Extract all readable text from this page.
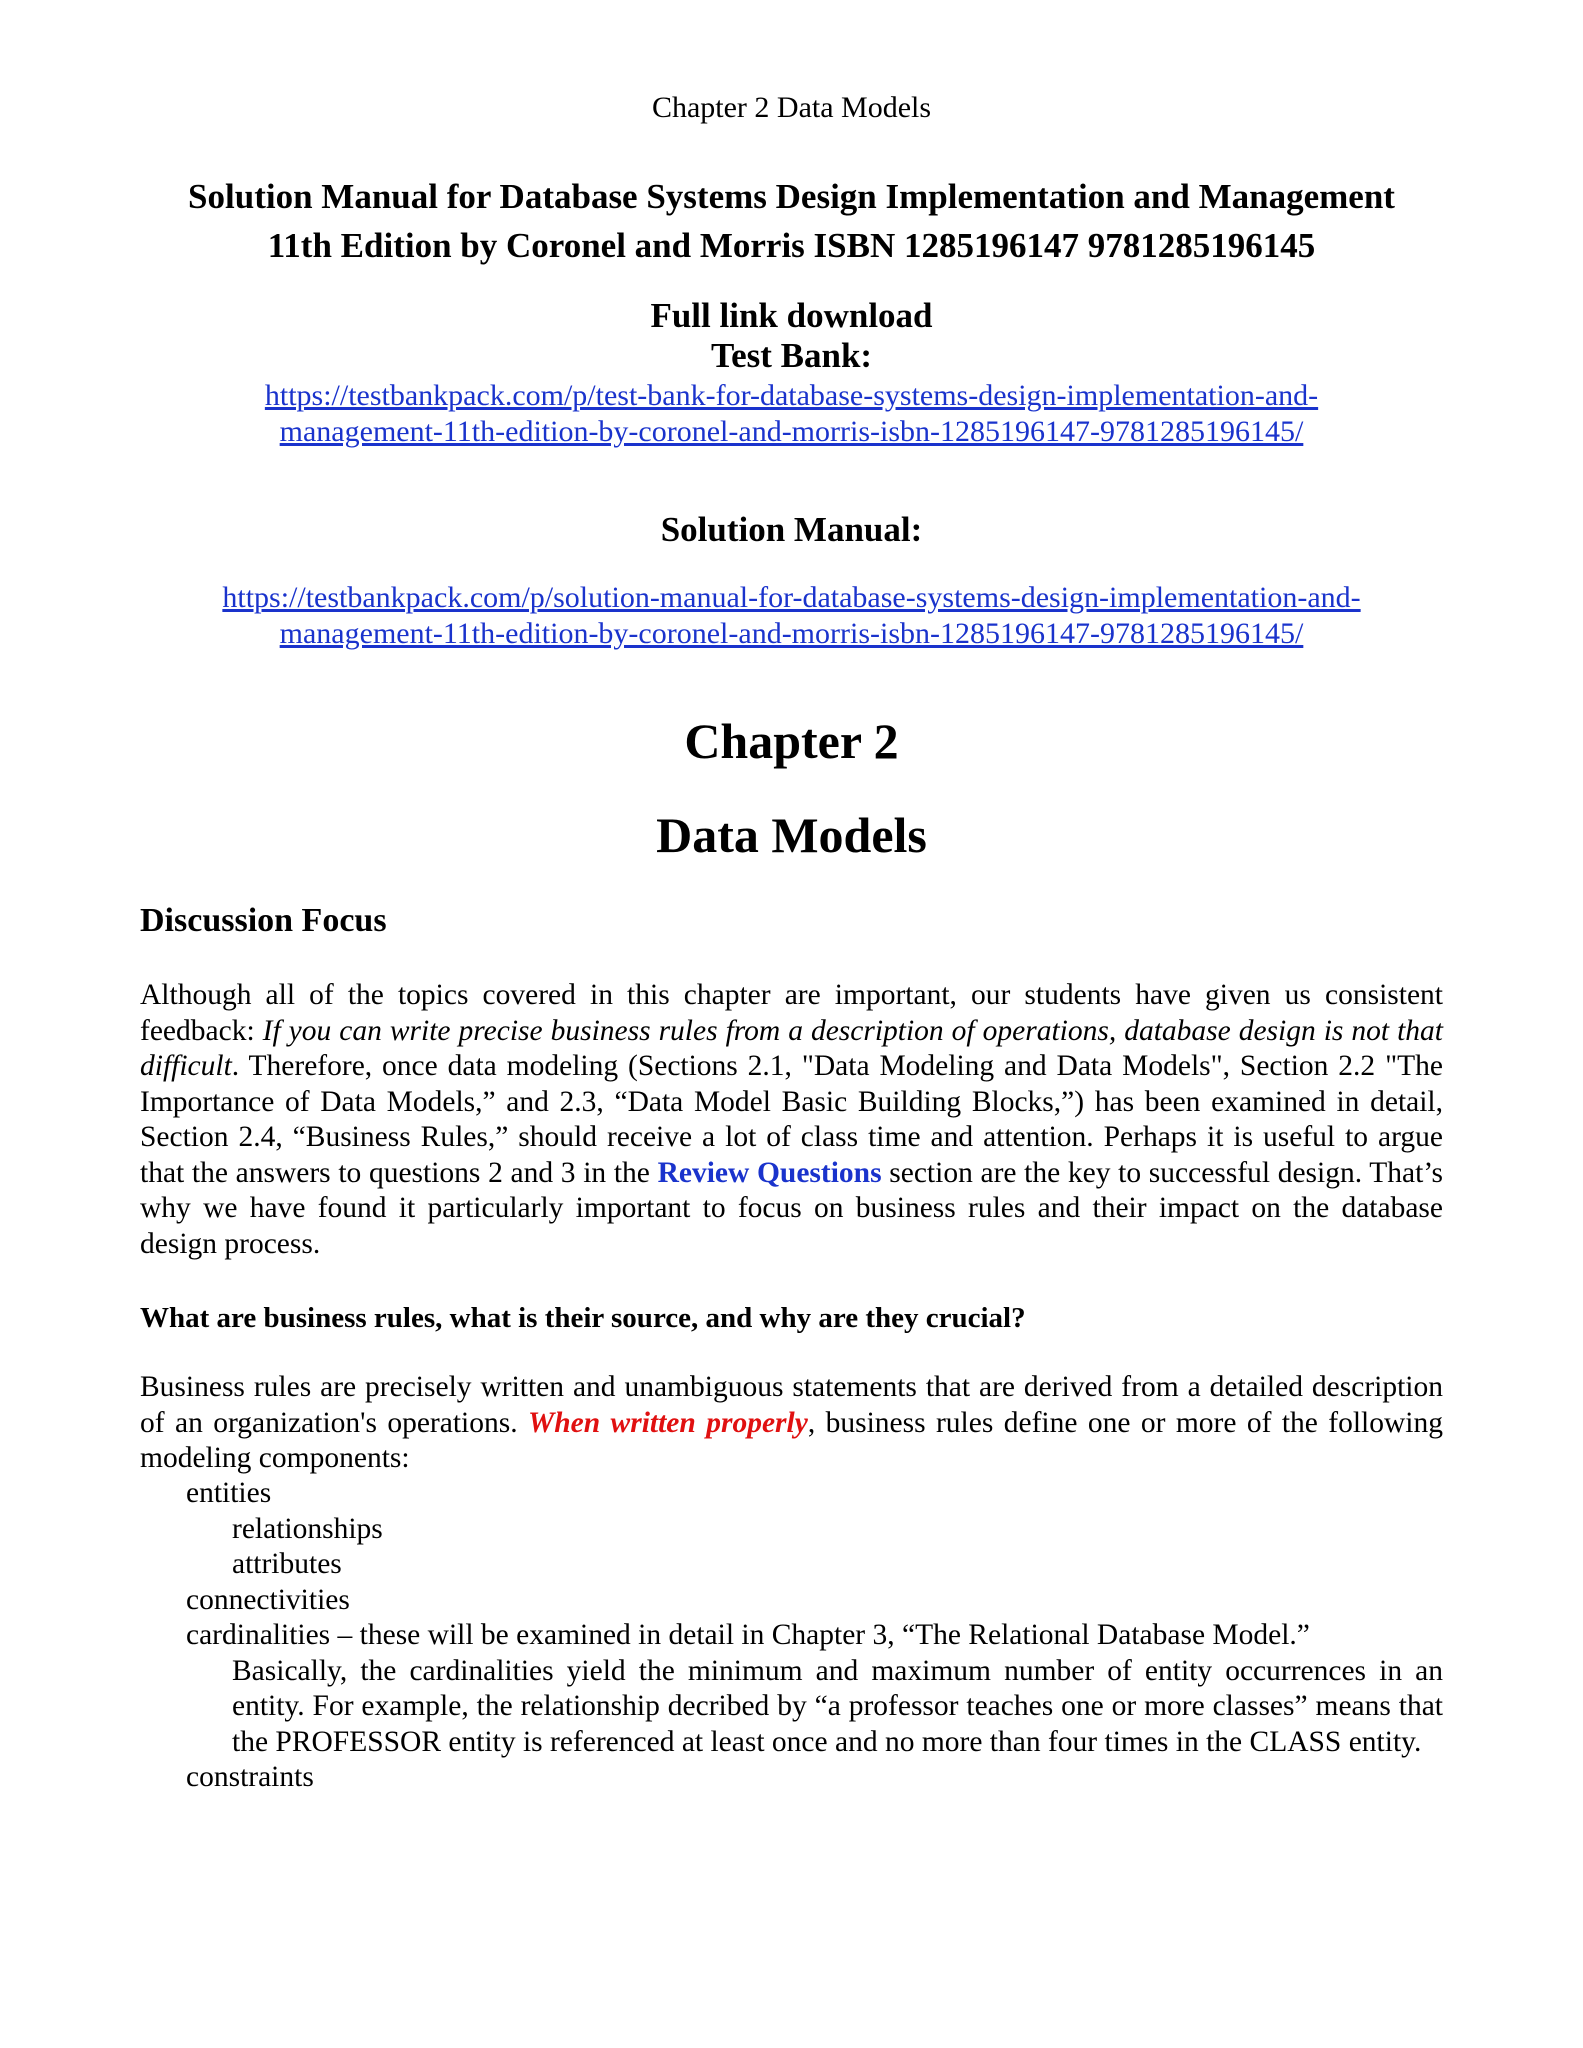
Chapter 2 Data Models
Solution Manual for Database Systems Design Implementation and Management
11th Edition by Coronel and Morris ISBN 1285196147 9781285196145
Full link download
Test Bank:
https://testbankpack.com/p/test-bank-for-database-systems-design-implementation-and-
management-11th-edition-by-coronel-and-morris-isbn-1285196147-9781285196145/
Solution Manual:
https://testbankpack.com/p/solution-manual-for-database-systems-design-implementation-and-
management-11th-edition-by-coronel-and-morris-isbn-1285196147-9781285196145/
Chapter 2
Data Models
Discussion Focus
Although all of the topics covered in this chapter are important, our students have given us consistent feedback: If you can write precise business rules from a description of operations, database design is not that difficult. Therefore, once data modeling (Sections 2.1, "Data Modeling and Data Models", Section 2.2 "The Importance of Data Models,” and 2.3, “Data Model Basic Building Blocks,”) has been examined in detail, Section 2.4, “Business Rules,” should receive a lot of class time and attention. Perhaps it is useful to argue that the answers to questions 2 and 3 in the Review Questions section are the key to successful design. That’s why we have found it particularly important to focus on business rules and their impact on the database design process.
What are business rules, what is their source, and why are they crucial?
Business rules are precisely written and unambiguous statements that are derived from a detailed description of an organization's operations. When written properly, business rules define one or more of the following modeling components:
entities
relationships
attributes
connectivities
cardinalities – these will be examined in detail in Chapter 3, “The Relational Database Model.”
Basically, the cardinalities yield the minimum and maximum number of entity occurrences in an entity. For example, the relationship decribed by “a professor teaches one or more classes” means that the PROFESSOR entity is referenced at least once and no more than four times in the CLASS entity.
constraints
